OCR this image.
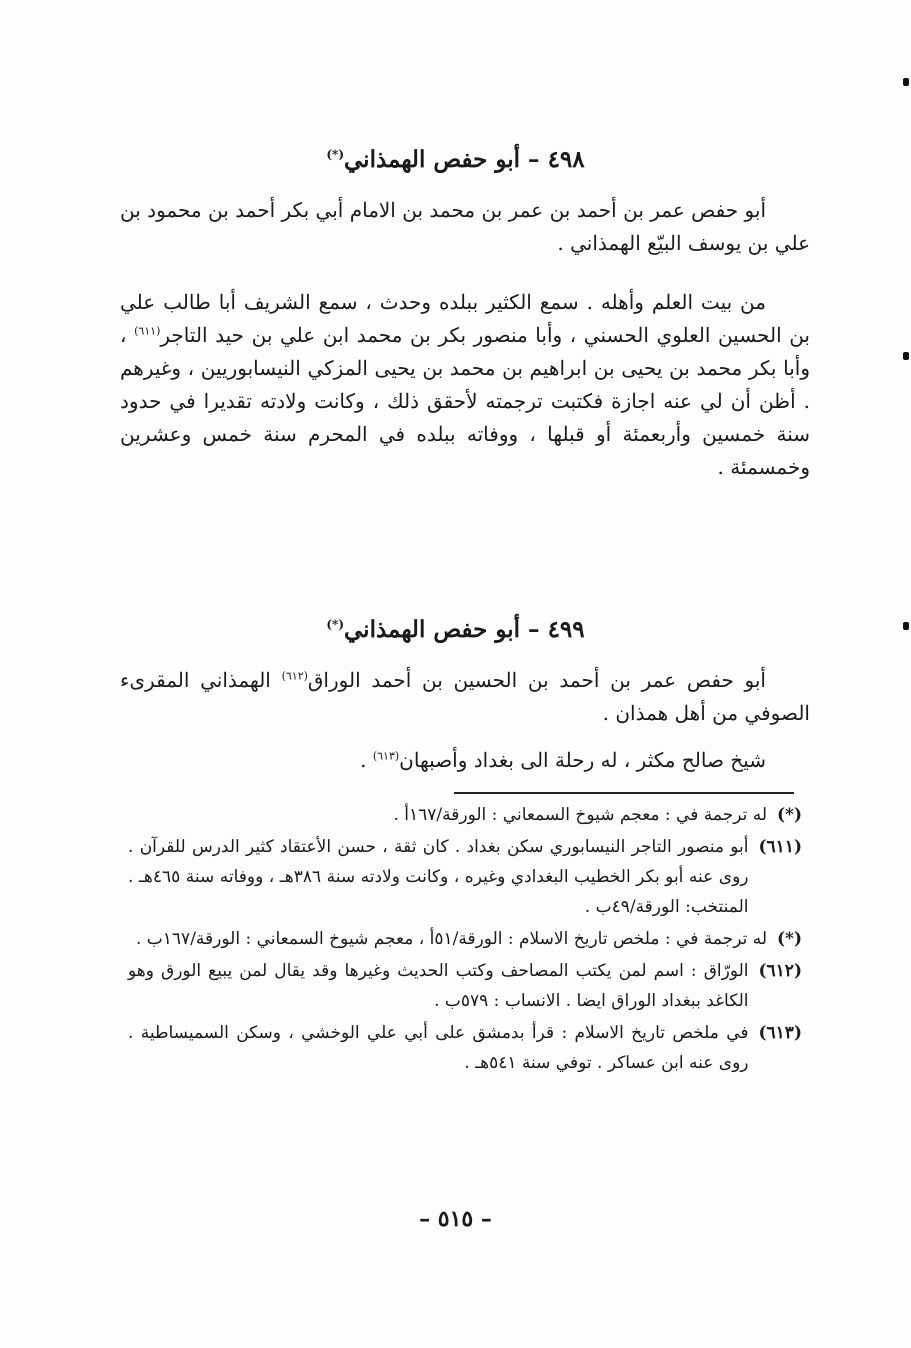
٤٩٨ – أبو حفص الهمذاني(*)
أبو حفص عمر بن أحمد بن عمر بن محمد بن الامام أبي بكر أحمد بن محمود بن علي بن يوسف البيّع الهمذاني .
من بيت العلم وأهله . سمع الكثير ببلده وحدث ، سمع الشريف أبا طالب علي بن الحسين العلوي الحسني ، وأبا منصور بكر بن محمد ابن علي بن حيد التاجر$^{(٦١١)}$ ، وأبا بكر محمد بن يحيى بن ابراهيم بن محمد بن يحيى المزكي النيسابوريين ، وغيرهم . أظن أن لي عنه اجازة فكتبت ترجمته لأحقق ذلك ، وكانت ولادته تقديرا في حدود سنة خمسين وأربعمئة أو قبلها ، ووفاته ببلده في المحرم سنة خمس وعشرين وخمسمئة .
٤٩٩ – أبو حفص الهمذاني(*)
أبو حفص عمر بن أحمد بن الحسين بن أحمد الوراق$^{(٦١٢)}$ الهمذاني المقرىء الصوفي من أهل همذان .
شيخ صالح مكثر ، له رحلة الى بغداد وأصبهان$^{(٦١٣)}$ .
(*)
له ترجمة في : معجم شيوخ السمعاني : الورقة/١٦٧أ .
(٦١١)
أبو منصور التاجر النيسابوري سكن بغداد . كان ثقة ، حسن الأعتقاد كثير الدرس للقرآن . روى عنه أبو بكر الخطيب البغدادي وغيره ، وكانت ولادته سنة ٣٨٦هـ ، ووفاته سنة ٤٦٥هـ . المنتخب: الورقة/٤٩ب .
(*)
له ترجمة في : ملخص تاريخ الاسلام : الورقة/٥١أ ، معجم شيوخ السمعاني : الورقة/١٦٧ب .
(٦١٢)
الورّاق : اسم لمن يكتب المصاحف وكتب الحديث وغيرها وقد يقال لمن يبيع الورق وهو الكاغد ببغداد الوراق ايضا . الانساب : ٥٧٩ب .
(٦١٣)
في ملخص تاريخ الاسلام : قرأ بدمشق على أبي علي الوخشي ، وسكن السميساطية . روى عنه ابن عساكر . توفي سنة ٥٤١هـ .
– ٥١٥ –
